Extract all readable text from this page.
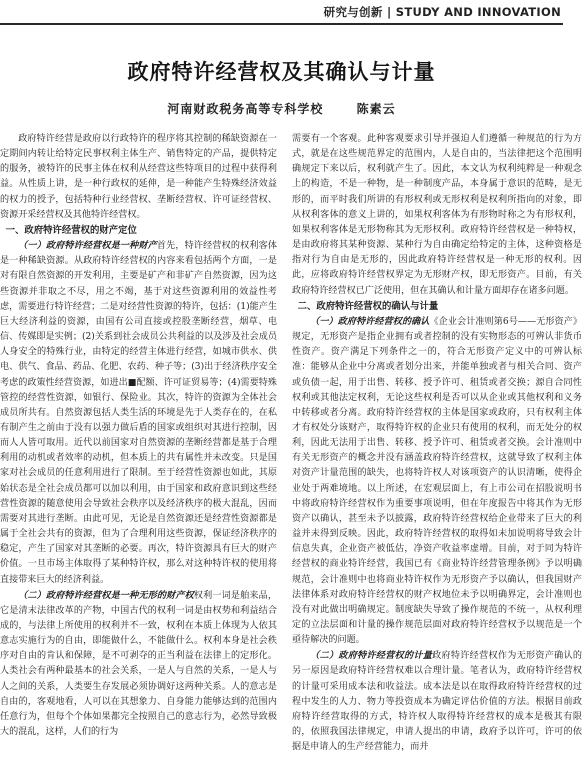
研究与创新 | STUDY AND INNOVATION
政府特许经营权及其确认与计量
河南财政税务高等专科学校	陈素云

政府特许经营是政府以行政特许的程序将其控制的稀缺资源在一定期间内转让给特定民事权利主体生产、销售特定的产品，提供特定的服务，被特许的民事主体在权利从经营这些特项目的过程中获得利益。从性质上讲，是一种行政权的延伸，是一种能产生特殊经济效益的权力的授予，包括特种行业经营权、垄断经营权、许可证经营权、资源开采经营权及其他特许经营权。

一、政府特许经营权的财产定位

（一）政府特许经营权是一种财产首先，特许经营权的权利客体是一种稀缺资源。从政府特许经营权的内容来看包括两个方面，一是对有限自然资源的开发利用，主要是矿产和非矿产自然资源，因为这些资源并非取之不尽，用之不竭，基于对这些资源利用的效益性考虑，需要进行特许经营；二是对经营性资源的特许，包括：(1)能产生巨大经济利益的资源，由国有公司直接或控股垄断经营，烟草、电信、传媒即是实例；(2)关系到社会成员公共利益的以及涉及社会成员人身安全的特殊行业，由特定的经营主体进行经营，如城市供水、供电、供气、食品、药品、化肥、农药、种子等；(3)出于经济秩序安全考虑的政策性经营资源，如进出■配额、许可证贸易等；(4)需要特殊管控的经营性资源，如银行、保险业。其次，特许的资源为全体社会成员所共有。自然资源包括人类生活的环境是先于人类存在的，在私有制产生之前由于没有以强力做后盾的国家或组织对其进行控制，因而人人皆可取用。近代以前国家对自然资源的垄断经营都是基于合理利用的动机或者效率的动机，但本质上的共有属性并未改变。只是国家对社会成员的任意利用进行了限制。至于经营性资源也如此，其原始状态是全社会成员都可以加以利用，由于国家和政府意识到这些经营性资源的随意使用会导致社会秩序以及经济秩序的极大混乱，因而需要对其进行垄断。由此可见，无论是自然资源还是经营性资源都是属于全社会共有的资源，但为了合理利用这些资源，保证经济秩序的稳定，产生了国家对其垄断的必要。再次，特许资源具有巨大的财产价值。一旦市场主体取得了某种特许权，那么对这种特许权的使用将直接带来巨大的经济利益。

（二）政府特许经营权是一种无形的财产权权利一词是舶来品，它是清末法律改革的产物，中国古代的权利一词是由权势和利益结合成的，与法律上所使用的权利并不一致，权利在本质上体现为人依其意志实施行为的自由，即能做什么，不能做什么。权利本身是社会秩序对自由的肯认和保障，是不可剥夺的正当利益在法律上的定形化。人类社会有两种最基本的社会关系，一是人与自然的关系，一是人与人之间的关系，人类要生存发展必须协调好这两种关系。人的意志是自由的，客观地看，人可以在其想象力、自身能力能够达到的范围内任意行为，但每个个体如果都完全按照自己的意志行为，必然导致极大的混乱，这样，人们的行为

需要有一个客观。此种客观要求引导并强迫人们遵循一种规范的行为方式，就是在这些规范界定的范围内，人是自由的，当法律把这个范围明确规定下来以后，权利就产生了。因此，本文认为权利纯粹是一种观念上的构造，不是一种物，是一种制度产品，本身属于意识的范畴，是无形的，而平时我们所讲的有形权利或无形权利是权利所指向的对象，即从权利客体的意义上讲的，如果权利客体为有形物时称之为有形权利，如果权利客体是无形物称其为无形权利。政府特许经营权是一种特权，是由政府将其某种资源、某种行为自由确定给特定的主体，这种资格是指对行为自由是无形的，因此政府特许经营权是一种无形的权利。因此，应将政府特许经营权界定为无形财产权，即无形资产。目前，有关政府特许经营权已广泛使用，但在其确认和计量方面却存在诸多问题。

二、政府特许经营权的确认与计量

（一）政府特许经营权的确认《企业会计准则第6号——无形资产》规定，无形资产是指企业拥有或者控制的没有实物形态的可辨认非货币性资产。资产满足下列条件之一的，符合无形资产定义中的可辨认标准：能够从企业中分离或者划分出来，并能单独或者与相关合同、资产或负债一起，用于出售、转移、授予许可、租赁或者交换；源自合同性权利或其他法定权利，无论这些权利是否可以从企业或其他权利和义务中转移或者分离。政府特许经营权的主体是国家或政府，只有权利主体才有权处分该财产，取得特许权的企业只有使用的权利，而无处分的权利，因此无法用于出售、转移、授予许可、租赁或者交换。会计准则中有关无形资产的概念并没有涵盖政府特许经营权，这就导致了权利主体对资产计量范围的缺失，也将特许权人对该项资产的认识清晰，使得企业处于两难境地。以上所述，在宏观层面上，有上市公司在招股说明书中将政府特许经营权作为重要事项说明，但在年度报告中将其作为无形资产以确认，甚至未予以披露，政府特许经营权给企业带来了巨大的利益并未得到反映。因此，政府特许经营权的取得如未加说明将导致会计信息失真，企业资产被低估，净资产收益率虚增。目前，对于同为特许经营权的商业特许经营，我国已有《商业特许经营管理条例》予以明确规范，会计准则中也将商业特许权作为无形资产予以确认，但我国财产法律体系对政府特许经营权的财产权地位未予以明确界定，会计准则也没有对此做出明确规定。制度缺失导致了操作规范的不统一，从权利理定的立法层面和计量的操作规范层面对政府特许经营权予以规范是一个亟待解决的问题。

（二）政府特许经营权的计量政府特许经营权作为无形资产确认的另一原因是政府特许经营权难以合理计量。笔者认为，政府特许经营权的计量可采用成本法和收益法。成本法是以在取得政府特许经营权的过程中发生的人力、物力等投资成本为确定评估价值的方法。根据目前政府特许经营取得的方式，特许权人取得特许经营权的成本是极其有限的，依照我国法律规定，申请人提出的申请，政府予以许可，许可的依据是申请人的生产经营能力，而并
